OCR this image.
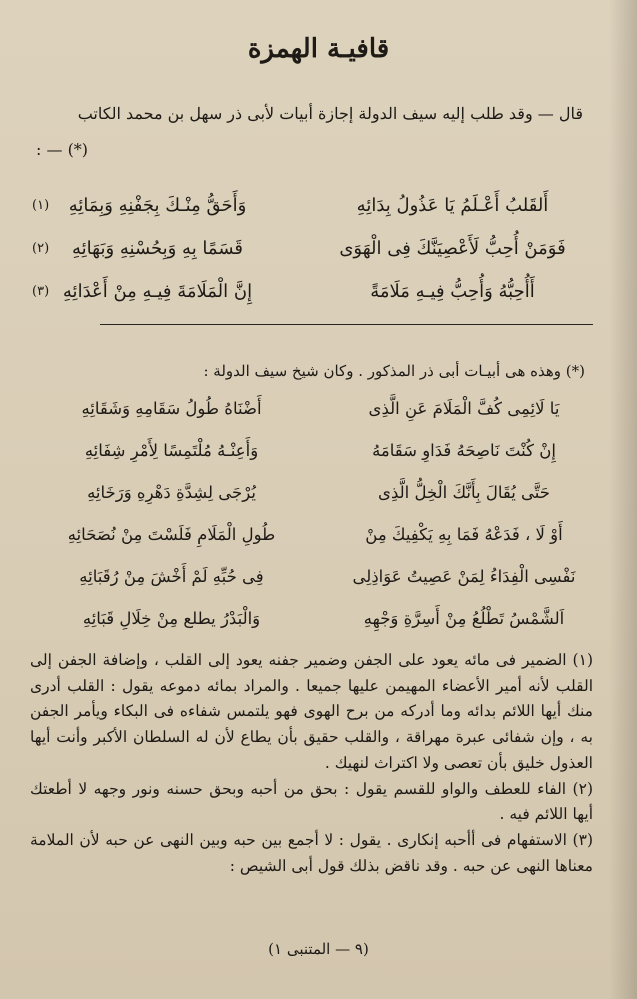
قافيـة الهمزة
قال — وقد طلب إليه سيف الدولة إجازة أبيات لأبى ذر سهل بن محمد الكاتب
(*) — :
أَلقَلبُ أَعْـلَمُ يَا عَذُولُ بِدَائِهِ
وَأَحَقُّ مِنْـكَ بِجَفْنِهِ وَبِمَائِهِ
(١)
فَوَمَنْ أُحِبُّ لَأَعْصِيَنَّكَ فِى الْهَوَى
قَسَمًا بِهِ وَبِحُسْنِهِ وَبَهَائِهِ
(٢)
أَأُحِبُّهُ وَأُحِبُّ فِيـهِ مَلَامَةً
إِنَّ الْمَلَامَةَ فِيـهِ مِنْ أَعْدَائِهِ
(٣)
(*) وهذه هى أبيـات أبى ذر المذكور . وكان شيخ سيف الدولة :
يَا لَائِمِى كُفَّ الْمَلَامَ عَنِ الَّذِى
أَضْنَاهُ طُولُ سَقَامِهِ وَشَقَائِهِ
إِنْ كُنْتَ نَاصِحَهُ فَدَاوِ سَقَامَهُ
وَأَعِنْـهُ مُلْتَمِسًا لِأَمْرِ شِفَائِهِ
حَتَّى يُقَالَ بِأَنَّكَ الْخِلُّ الَّذِى
يُرْجَى لِشِدَّةِ دَهْرِهِ وَرَخَائِهِ
أَوْ لَا ، فَدَعْهُ فَمَا بِهِ يَكْفِيكَ مِنْ
طُولِ الْمَلَامِ فَلَسْتَ مِنْ نُصَحَائِهِ
نَفْسِى الْفِدَاءُ لِمَنْ عَصِيتُ عَوَاذِلِى
فِى حُبِّهِ لَمْ أَخْشَ مِنْ رُقَبَائِهِ
اَلشَّمْسُ تَطْلُعُ مِنْ أَسِرَّةِ وَجْهِهِ
وَالْبَدْرُ يطلع مِنْ خِلَالِ قَبَائِهِ

(١) الضمير فى مائه يعود على الجفن وضمير جفنه يعود إلى القلب ، وإضافة الجفن إلى القلب لأنه أمير الأعضاء المهيمن عليها جميعا . والمراد بمائه دموعه يقول : القلب أدرى منك أيها اللائم بدائه وما أدركه من برح الهوى فهو يلتمس شفاءه فى البكاء ويأمر الجفن به ، وإن شفائى عبرة مهراقة ، والقلب حقيق بأن يطاع لأن له السلطان الأكبر وأنت أيها العذول خليق بأن تعصى ولا اكتراث لنهيك .

(٢) الفاء للعطف والواو للقسم يقول : بحق من أحبه وبحق حسنه ونور وجهه لا أطعتك أيها اللائم فيه .

(٣) الاستفهام فى أأحبه إنكارى . يقول : لا أجمع بين حبه وبين النهى عن حبه لأن الملامة معناها النهى عن حبه . وقد ناقض بذلك قول أبى الشيص :

(٩ — المتنبى ١)
